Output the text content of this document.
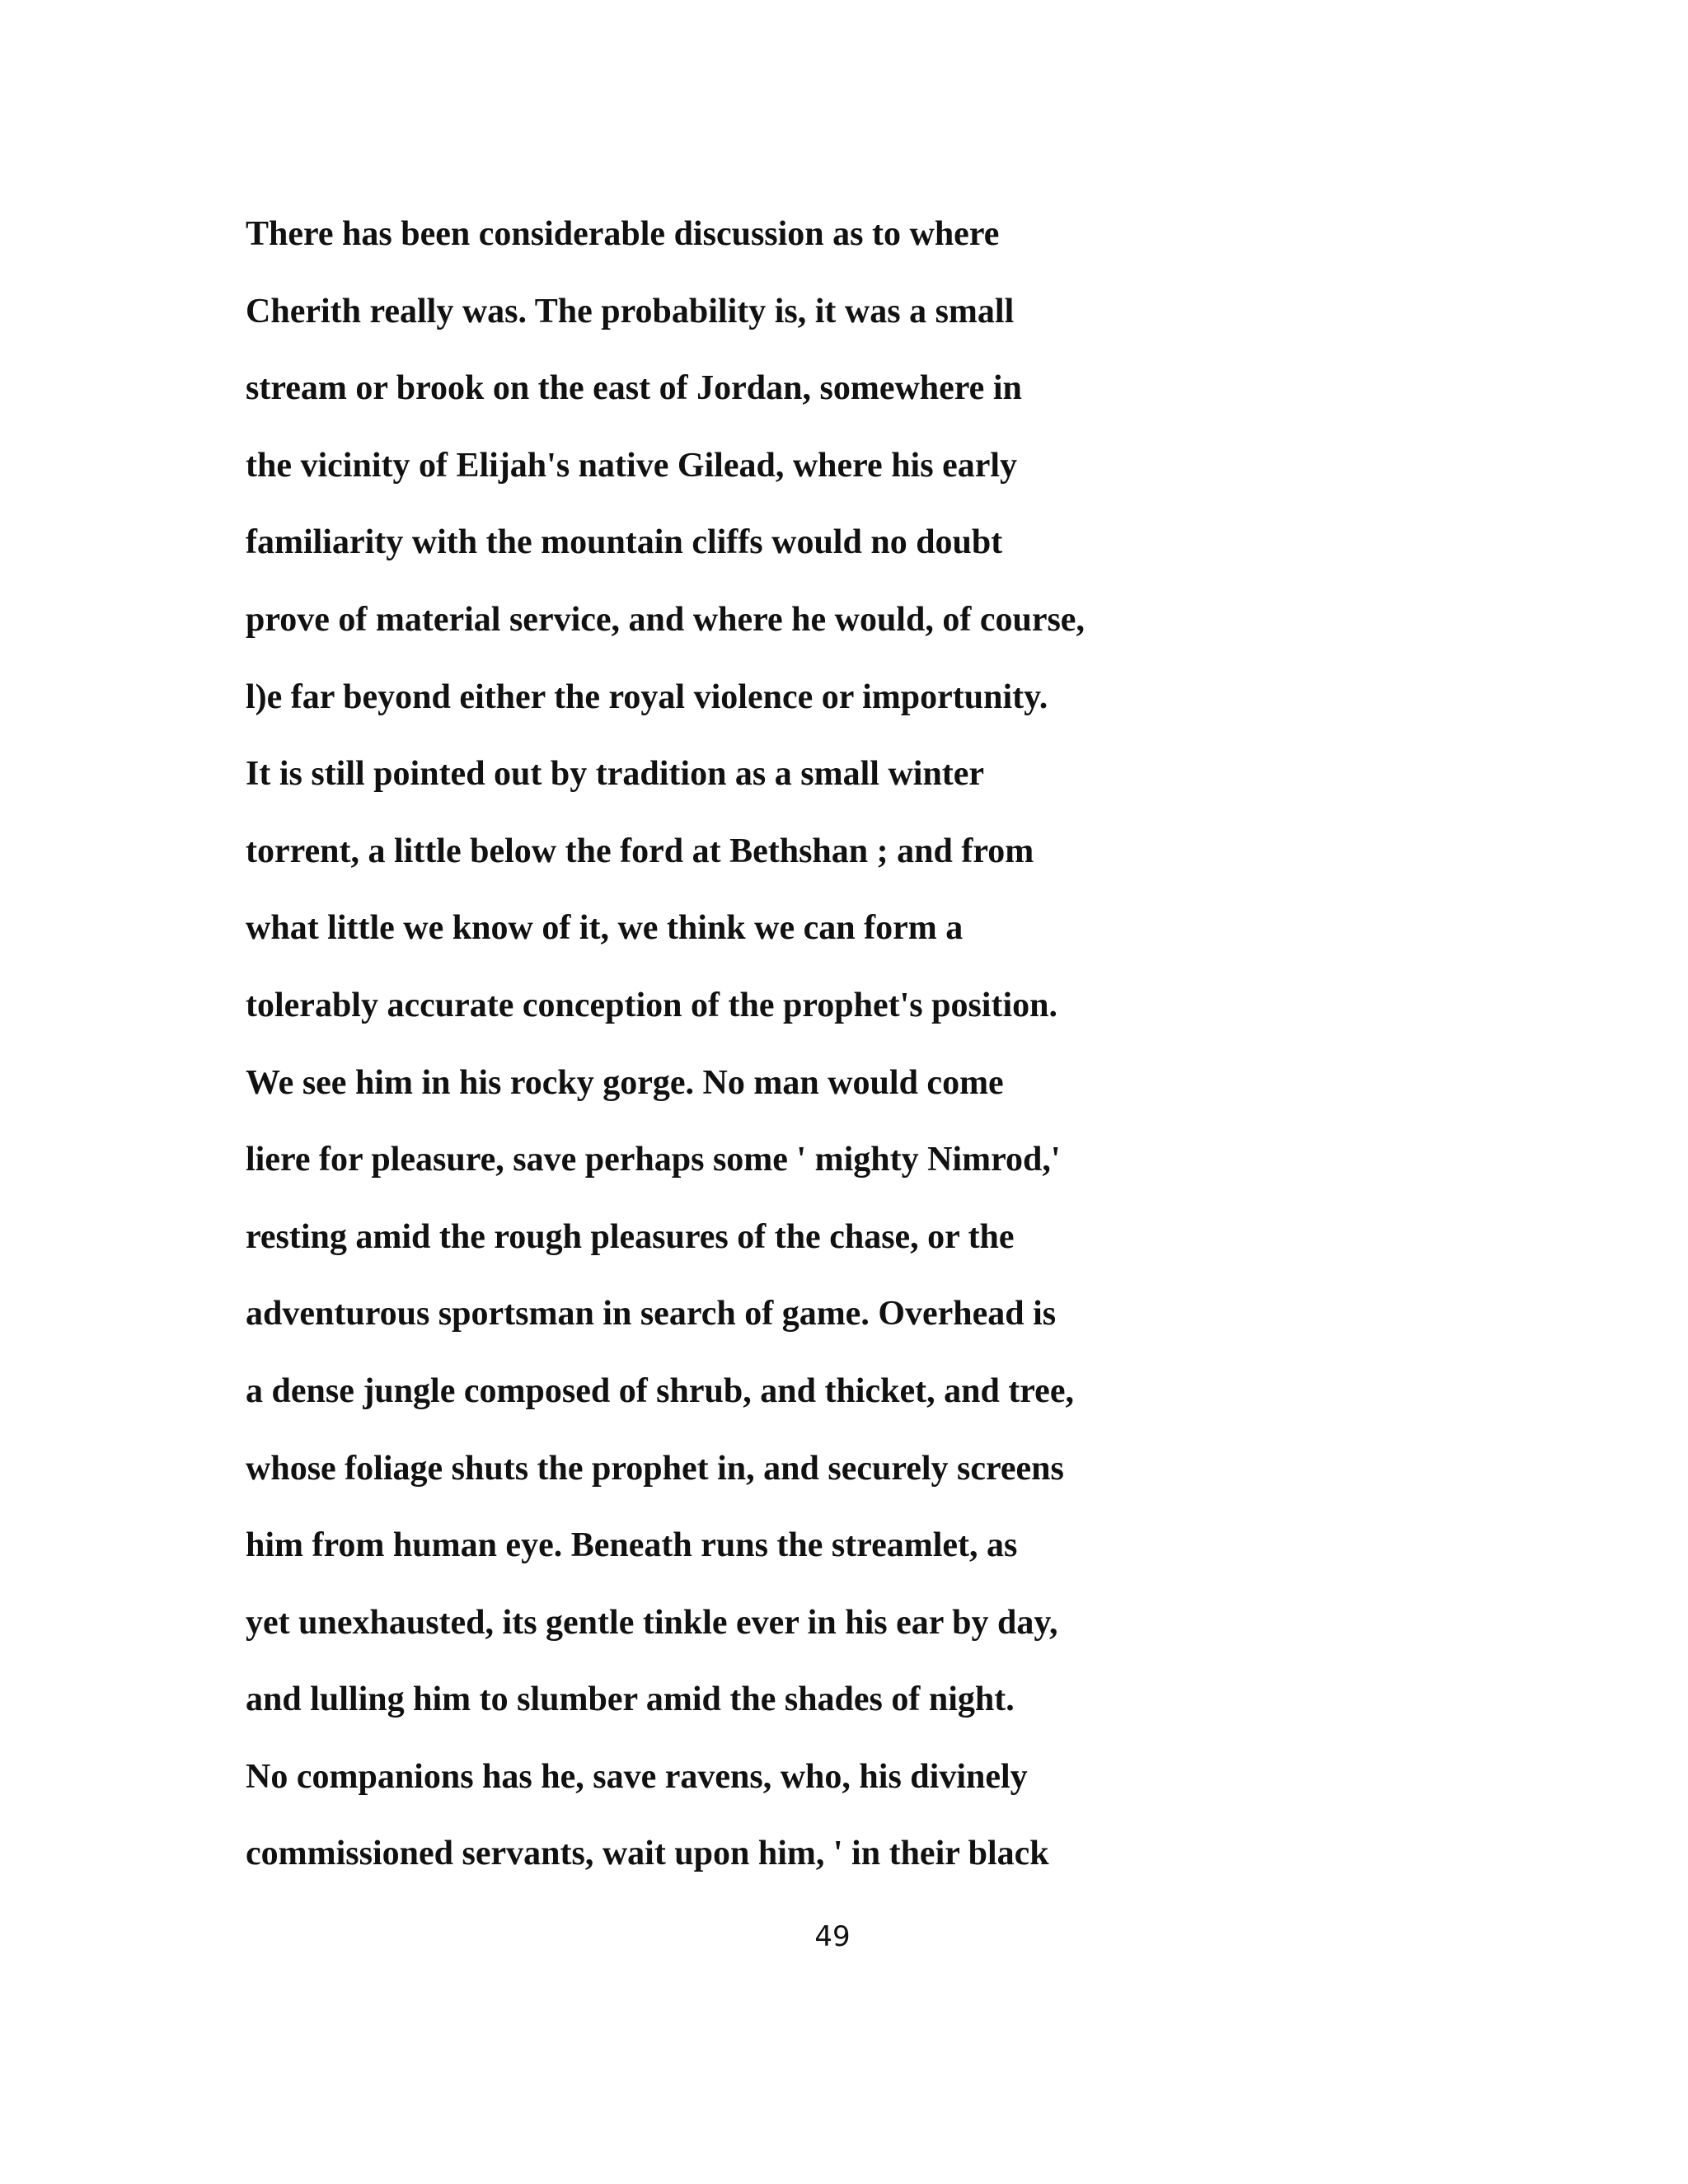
There has been considerable discussion as to where
Cherith really was. The probability is, it was a small
stream or brook on the east of Jordan, somewhere in
the vicinity of Elijah's native Gilead, where his early
familiarity with the mountain cliffs would no doubt
prove of material service, and where he would, of course,
l)e far beyond either the royal violence or importunity.
It is still pointed out by tradition as a small winter
torrent, a little below the ford at Bethshan ; and from
what little we know of it, we think we can form a
tolerably accurate conception of the prophet's position.
We see him in his rocky gorge. No man would come
liere for pleasure, save perhaps some ' mighty Nimrod,'
resting amid the rough pleasures of the chase, or the
adventurous sportsman in search of game. Overhead is
a dense jungle composed of shrub, and thicket, and tree,
whose foliage shuts the prophet in, and securely screens
him from human eye. Beneath runs the streamlet, as
yet unexhausted, its gentle tinkle ever in his ear by day,
and lulling him to slumber amid the shades of night.
No companions has he, save ravens, who, his divinely
commissioned servants, wait upon him, ' in their black
49
